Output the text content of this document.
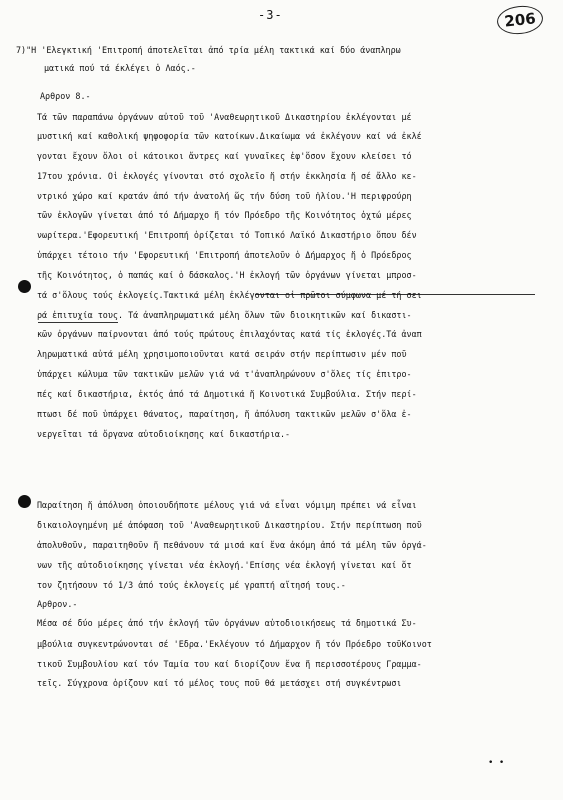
-3-	206
7)"Η 'Ελεγκτική 'Επιτροπή άποτελεῖται ἀπό τρία μέλη τακτικά καί δύο άναπληρω
ματικά πού τά έκλέγει ὁ Λαός.-
Αρθρον 8.-
Τά τῶν παραπάνω ὀργάνων αὐτοῦ τοῦ 'Αναθεωρητικοῦ Δικαστηρίου ἐκλέγονται μέ
μυστική καί καθολική ψηφοφορία τῶν κατοίκων.Δικαίωμα νά ἐκλέγουν καί νά ἐκλέ
γονται ἔχουν ὅλοι οἱ κάτοικοι ἄντρες καί γυναῖκες ἐφ'ὅσον ἔχουν κλείσει τό
17του χρόνια. Οἱ ἐκλογές γίνονται στό σχολεῖο ἤ στήν ἐκκλησία ἤ σέ ἄλλο κε-
ντρικό χώρο καί κρατάν ἀπό τήν ἀνατολή ὥς τήν δύση τοῦ ἡλίου.'Η περιφρούρη
τῶν ἐκλογῶν γίνεται ἀπό τό Δήμαρχο ἤ τόν Πρόεδρο τῆς Κοινότητος ὀχτώ μέρες
νωρίτερα.'Εφορευτική 'Επιτροπή ὁρίζεται τό Τοπικό Λαϊκό Δικαστήριο ὅπου δέν
ὑπάρχει τέτοιο τήν 'Εφορευτική 'Επιτροπή ἀποτελοῦν ὁ Δήμαρχος ἤ ὁ Πρόεδρος
τῆς Κοινότητος, ὁ παπάς καί ὁ δάσκαλος.'Η ἐκλογή τῶν ὀργάνων γίνεται μπροσ-
τά σ'ὅλους τούς ἐκλογείς.Τακτικά μέλη ἐκλέγονται οἱ πρῶτοι σύμφωνα μέ τή σει
ρά ἐπιτυχία τους. Τά ἀναπληρωματικά μέλη ὅλων τῶν διοικητικῶν καί δικαστι-
κῶν ὀργάνων παίρνονται ἀπό τούς πρώτους ἐπιλαχόντας κατά τίς ἐκλογές.Τά ἀναπ
ληρωματικά αὐτά μέλη χρησιμοποιοῦνται κατά σειράν στήν περίπτωσιν μέν ποῦ
ὑπάρχει κώλυμα τῶν τακτικῶν μελῶν γιά νά τ'ἀναπληρώνουν σ'ὅλες τίς ἐπιτρο-
πές καί δικαστήρια, ἐκτός ἀπό τά Δημοτικά ἤ Κοινοτικά Συμβούλια. Στήν περί-
πτωσι δέ ποῦ ὑπάρχει θάνατος, παραίτηση, ἤ ἀπόλυση τακτικῶν μελῶν σ'ὅλα ἐ-
νεργεῖται τά ὄργανα αὐτοδιοίκησης καί δικαστήρια.-
Παραίτηση ἤ ἀπόλυση ὁποιουδήποτε μέλους γιά νά εἶναι νόμιμη πρέπει νά εἶναι
δικαιολογημένη μέ ἀπόφαση τοῦ 'Αναθεωρητικοῦ Δικαστηρίου. Στήν περίπτωση ποῦ
ἀπολυθοῦν, παραιτηθοῦν ἤ πεθάνουν τά μισά καί ἕνα ἀκόμη ἀπό τά μέλη τῶν ὀργά-
νων τῆς αὐτοδιοίκησης γίνεται νέα ἐκλογή.'Επίσης νέα ἐκλογή γίνεται καί ὅτ
τον ζητήσουν τό 1/3 ἀπό τούς ἐκλογείς μέ γραπτή αἴτησή τους.-
Αρθρον.-
Μέσα σέ δύο μέρες ἀπό τήν ἐκλογή τῶν ὀργάνων αὐτοδιοικήσεως τά δημοτικά Συ-
μβούλια συγκεντρώνονται σέ 'Εδρα.'Εκλέγουν τό Δήμαρχον ἤ τόν Πρόεδρο τοῦΚοινοτ
τικοῦ Συμβουλίου καί τόν Ταμία του καί διορίζουν ἕνα ἤ περισσοτέρους Γραμμα-
τεῖς. Σύγχρονα ὁρίζουν καί τό μέλος τους ποῦ θά μετάσχει στή συγκέντρωσι
• •
